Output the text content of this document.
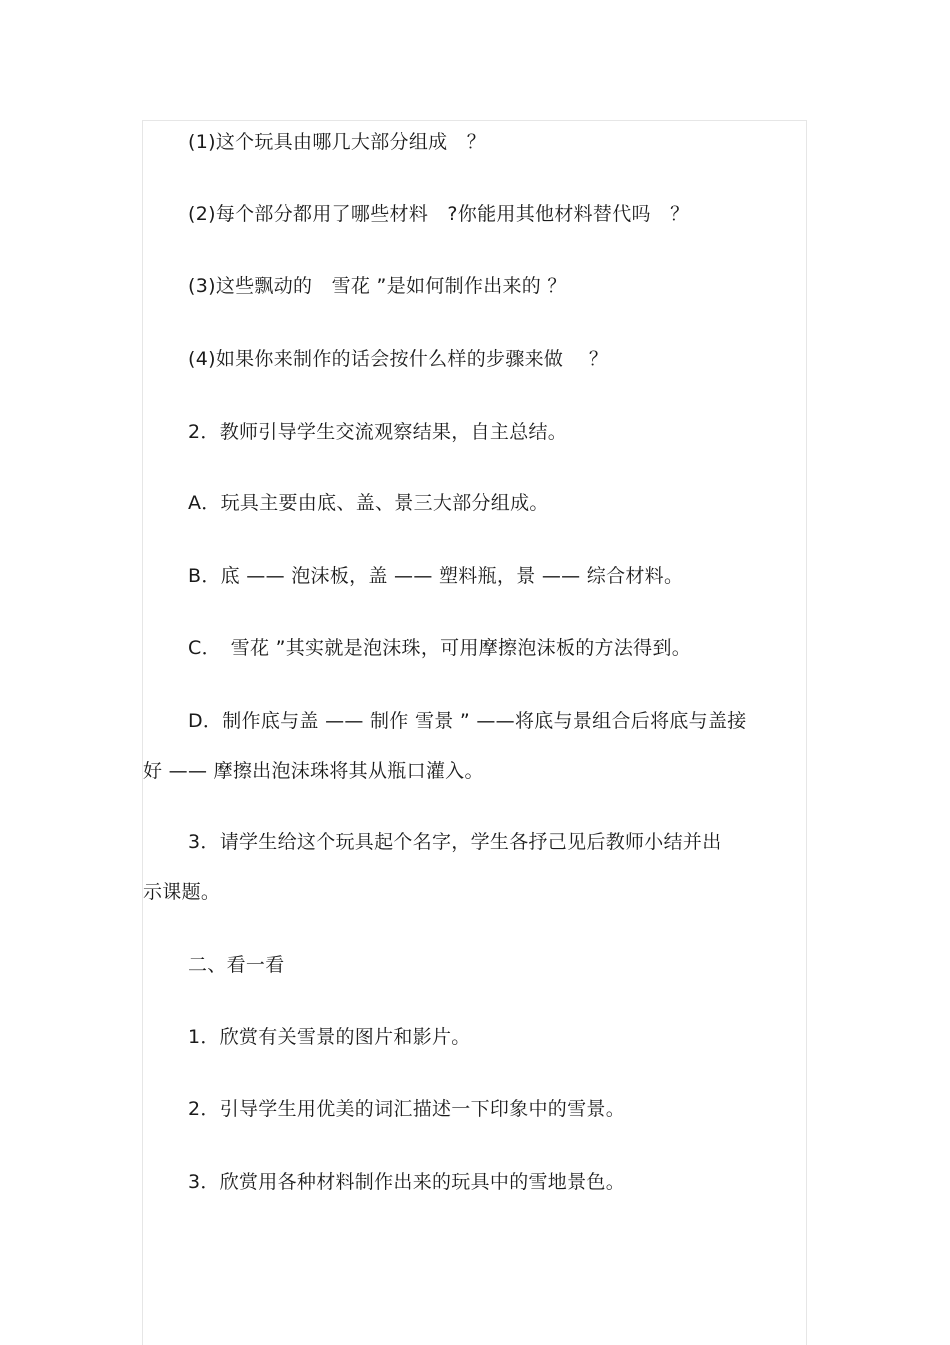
(1)这个玩具由哪几大部分组成　？
(2)每个部分都用了哪些材料　?你能用其他材料替代吗　？
(3)这些飘动的　雪花 ”是如何制作出来的 ？
(4)如果你来制作的话会按什么样的步骤来做　 ？
2．教师引导学生交流观察结果，自主总结。
A．玩具主要由底、盖、景三大部分组成。
B．底 —— 泡沫板，盖 —— 塑料瓶，景 —— 综合材料。
C．　雪花 ”其实就是泡沫珠，可用摩擦泡沫板的方法得到。
D．制作底与盖 —— 制作 雪景 ” ——将底与景组合后将底与盖接
好 —— 摩擦出泡沫珠将其从瓶口灌入。
3．请学生给这个玩具起个名字，学生各抒己见后教师小结并出
示课题。
二、看一看
1．欣赏有关雪景的图片和影片。
2．引导学生用优美的词汇描述一下印象中的雪景。
3．欣赏用各种材料制作出来的玩具中的雪地景色。
